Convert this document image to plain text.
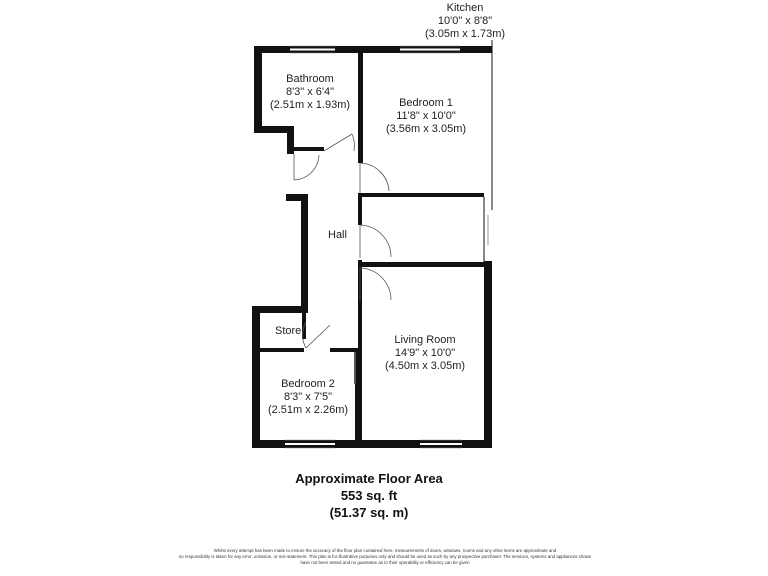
Kitchen
10'0" x 8'8"
(3.05m x 1.73m)
Bathroom
8'3" x 6'4"
(2.51m x 1.93m)	Bedroom 1
11'8" x 10'0"
(3.56m x 3.05m)
Hall
Store
Living Room
14'9" x 10'0"
(4.50m x 3.05m)
Bedroom 2
8'3" x 7'5"
(2.51m x 2.26m)
Approximate Floor Area
553 sq. ft
(51.37 sq. m)
Whilst every attempt has been made to ensure the accuracy of the floor plan contained here, measurements of doors, windows, rooms and any other items are approximate and
no responsibility is taken for any error, omission, or mis-statement. This plan is for illustrative purposes only and should be used as such by any prospective purchaser. The services, systems and appliances shown
have not been tested and no guarantee as to their operability or efficiency can be given
